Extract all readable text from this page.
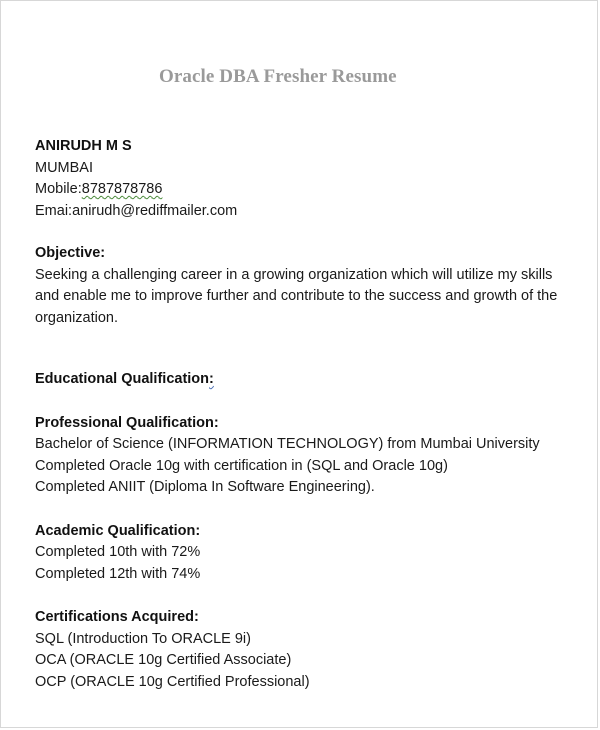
Oracle DBA Fresher Resume
ANIRUDH M S
MUMBAI
Mobile:8787878786
Emai:anirudh@rediffmailer.com
Objective:
Seeking a challenging career in a growing organization which will utilize my skills
and enable me to improve further and contribute to the success and growth of the
organization.
Educational Qualification:
Professional Qualification:
Bachelor of Science (INFORMATION TECHNOLOGY) from Mumbai University
Completed Oracle 10g with certification in (SQL and Oracle 10g)
Completed ANIIT (Diploma In Software Engineering).
Academic Qualification:
Completed 10th with 72%
Completed 12th with 74%
Certifications Acquired:
SQL (Introduction To ORACLE 9i)
OCA (ORACLE 10g Certified Associate)
OCP (ORACLE 10g Certified Professional)
